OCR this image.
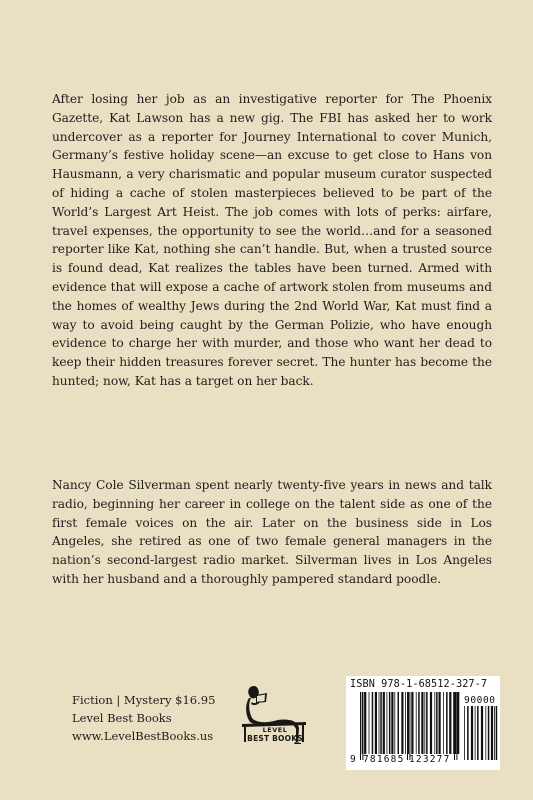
After losing her job as an investigative reporter for The Phoenix Gazette, Kat Lawson has a new gig. The FBI has asked her to work undercover as a reporter for Journey International to cover Munich, Germany’s festive holiday scene—an excuse to get close to Hans von Hausmann, a very charismatic and popular museum curator suspected of hiding a cache of stolen masterpieces believed to be part of the World’s Largest Art Heist. The job comes with lots of perks: airfare, travel expenses, the opportunity to see the world…and for a seasoned reporter like Kat, nothing she can’t handle. But, when a trusted source is found dead, Kat realizes the tables have been turned. Armed with evidence that will expose a cache of artwork stolen from museums and the homes of wealthy Jews during the 2nd World War, Kat must find a way to avoid being caught by the German Polizie, who have enough evidence to charge her with murder, and those who want her dead to keep their hidden treasures forever secret. The hunter has become the hunted; now, Kat has a target on her back.

Nancy Cole Silverman spent nearly twenty-five years in news and talk radio, beginning her career in college on the talent side as one of the first female voices on the air. Later on the business side in Los Angeles, she retired as one of two female general managers in the nation’s second-largest radio market. Silverman lives in Los Angeles with her husband and a thoroughly pampered standard poodle.

Fiction | Mystery $16.95
Level Best Books
www.LevelBestBooks.us	LEVEL
BEST BOOKS
ISBN 978-1-68512-327-7
9 781685 123277
90000
